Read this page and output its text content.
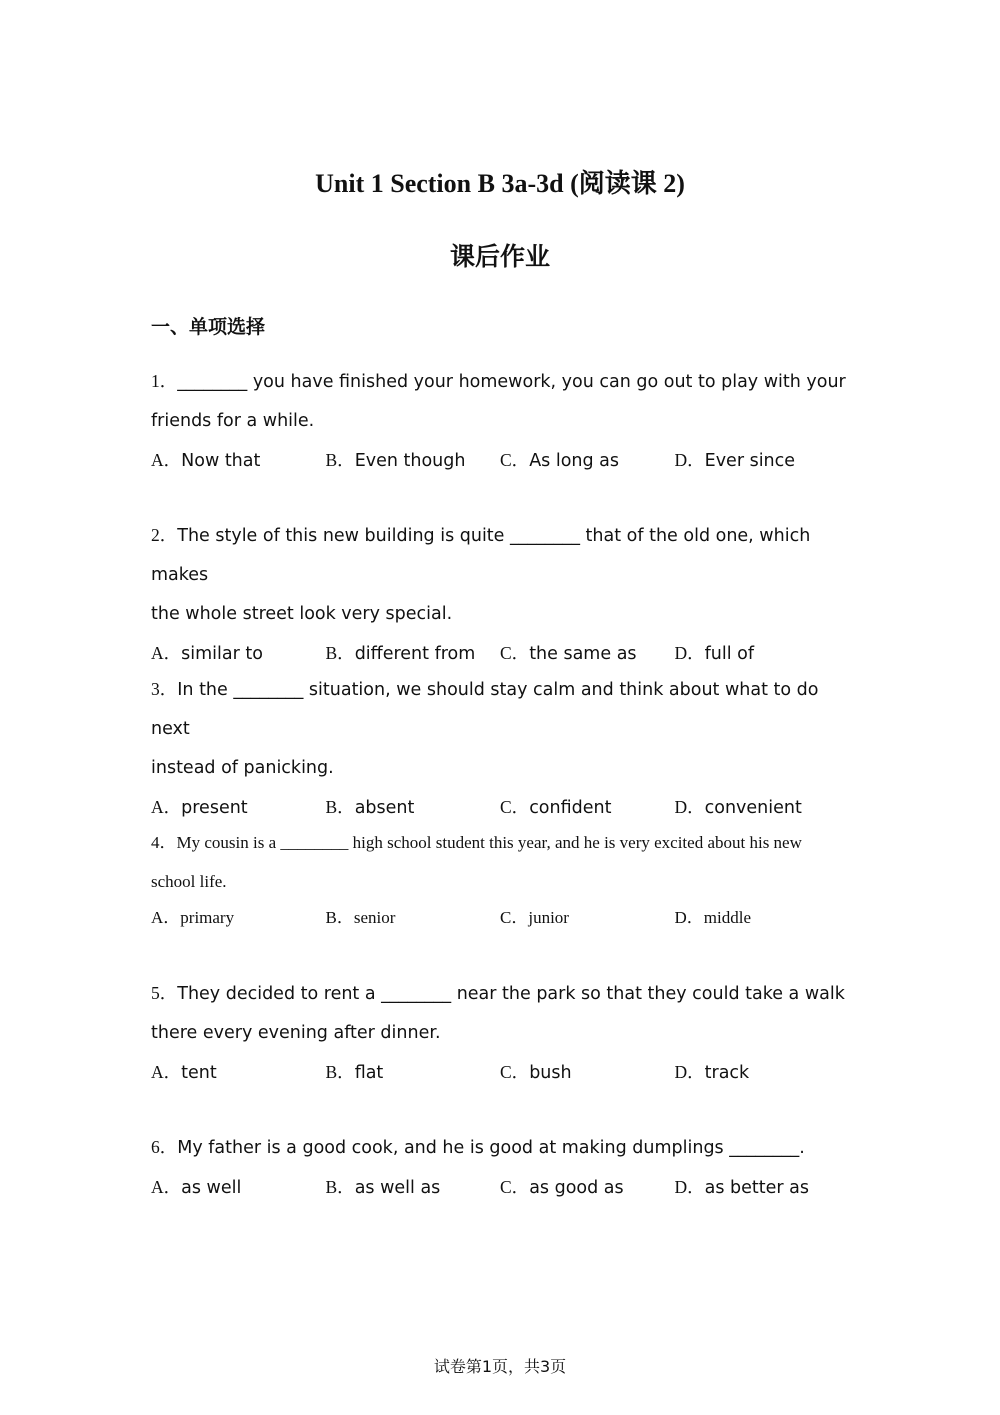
Unit 1 Section B 3a-3d (阅读课 2)
课后作业
一、单项选择

1．________ you have finished your homework, you can go out to play with your

friends for a while.

A．Now that	B．Even though	C．As long as	D．Ever since

2．The style of this new building is quite ________ that of the old one, which makes

the whole street look very special.

A．similar to	B．different from	C．the same as	D．full of

3．In the ________ situation, we should stay calm and think about what to do next

instead of panicking.

A．present	B．absent	C．confident	D．convenient

4．My cousin is a ________ high school student this year, and he is very excited about his new

school life.

A．primary	B．senior	C．junior	D．middle

5．They decided to rent a ________ near the park so that they could take a walk

there every evening after dinner.

A．tent	B．flat	C．bush	D．track

6．My father is a good cook, and he is good at making dumplings ________.

A．as well	B．as well as	C．as good as	D．as better as
试卷第1页，共3页
